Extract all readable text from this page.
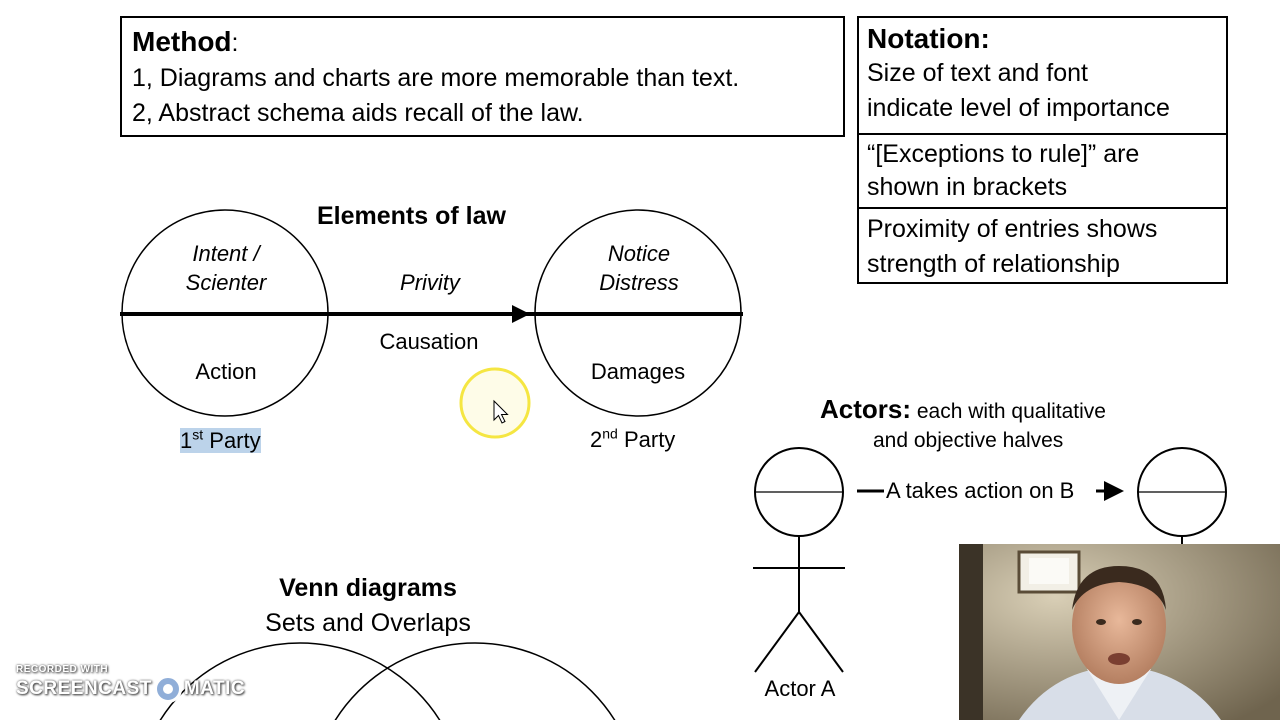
Method:
1, Diagrams and charts are more memorable than text.
2, Abstract schema aids recall of the law.
Notation:
Size of text and font
indicate level of importance
“[Exceptions to rule]” are
shown in brackets
Proximity of entries shows
strength of relationship
Elements of law
Intent /
Scienter
Action
Privity
Causation
Notice
Distress
Damages
1st Party	2nd Party
Actors: each with qualitative
and objective halves
A takes action on B
Actor A
Venn diagrams
Sets and Overlaps
RECORDED WITH
SCREENCAST MATIC
